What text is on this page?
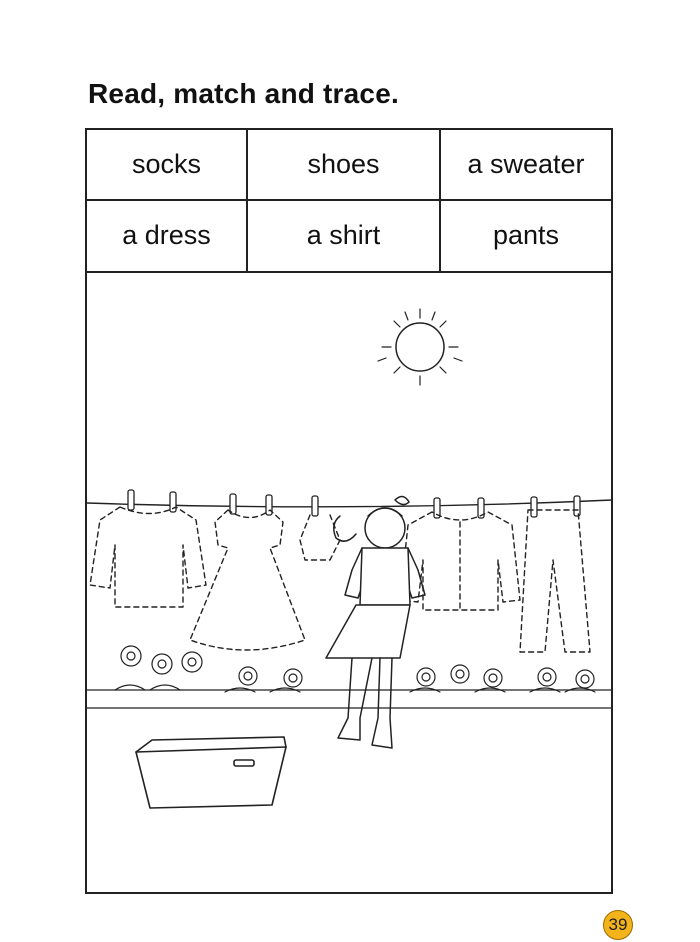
Read, match and trace.
socks	shoes	a sweater
a dress	a shirt	pants
39
